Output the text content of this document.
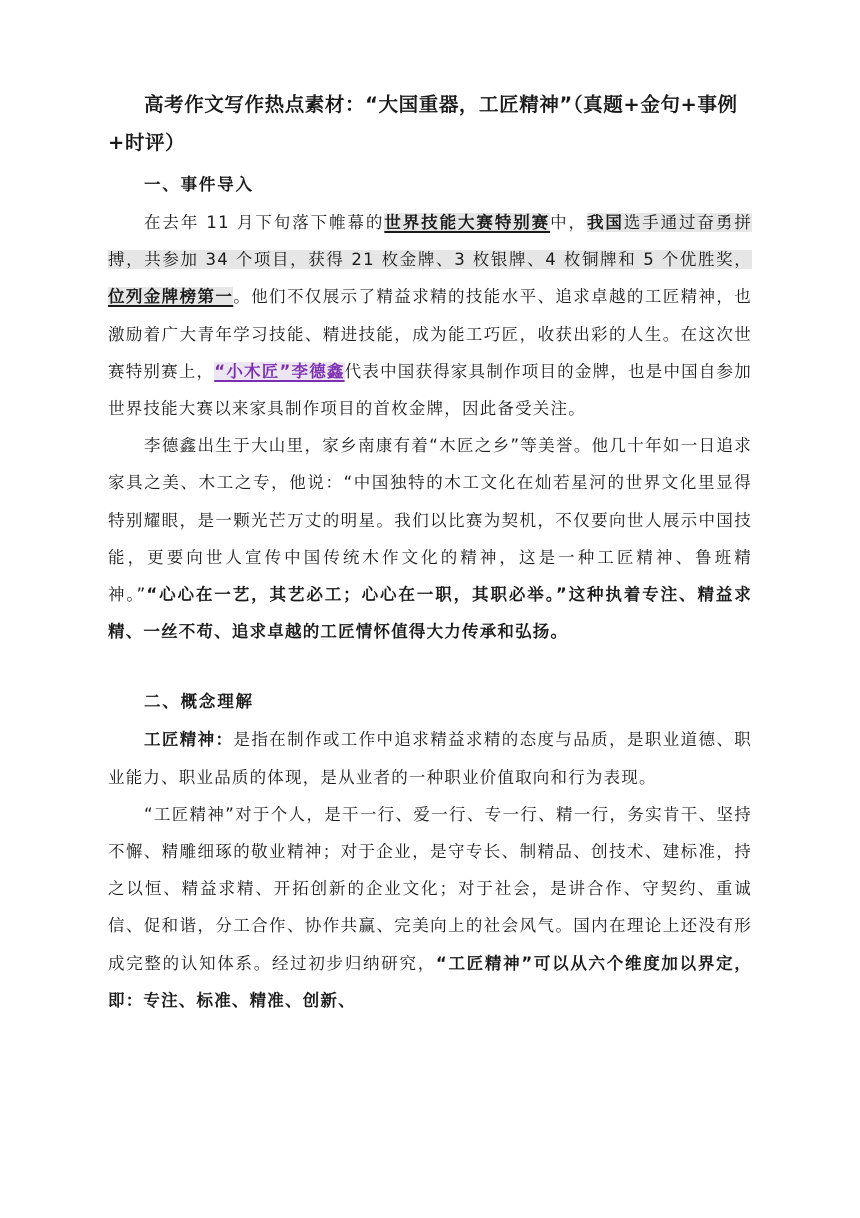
高考作文写作热点素材：“大国重器，工匠精神”（真题+金句+事例+时评）
一、事件导入

在去年 11 月下旬落下帷幕的世界技能大赛特别赛中，我国选手通过奋勇拼搏，共参加 34 个项目，获得 21 枚金牌、3 枚银牌、4 枚铜牌和 5 个优胜奖，位列金牌榜第一。他们不仅展示了精益求精的技能水平、追求卓越的工匠精神，也激励着广大青年学习技能、精进技能，成为能工巧匠，收获出彩的人生。在这次世赛特别赛上，“小木匠”李德鑫代表中国获得家具制作项目的金牌，也是中国自参加世界技能大赛以来家具制作项目的首枚金牌，因此备受关注。

李德鑫出生于大山里，家乡南康有着“木匠之乡”等美誉。他几十年如一日追求家具之美、木工之专，他说：“中国独特的木工文化在灿若星河的世界文化里显得特别耀眼，是一颗光芒万丈的明星。我们以比赛为契机，不仅要向世人展示中国技能，更要向世人宣传中国传统木作文化的精神，这是一种工匠精神、鲁班精神。”“心心在一艺，其艺必工；心心在一职，其职必举。”这种执着专注、精益求精、一丝不苟、追求卓越的工匠情怀值得大力传承和弘扬。

二、概念理解

工匠精神：是指在制作或工作中追求精益求精的态度与品质，是职业道德、职业能力、职业品质的体现，是从业者的一种职业价值取向和行为表现。

“工匠精神”对于个人，是干一行、爱一行、专一行、精一行，务实肯干、坚持不懈、精雕细琢的敬业精神；对于企业，是守专长、制精品、创技术、建标准，持之以恒、精益求精、开拓创新的企业文化；对于社会，是讲合作、守契约、重诚信、促和谐，分工合作、协作共赢、完美向上的社会风气。国内在理论上还没有形成完整的认知体系。经过初步归纳研究，“工匠精神”可以从六个维度加以界定，即：专注、标准、精准、创新、
